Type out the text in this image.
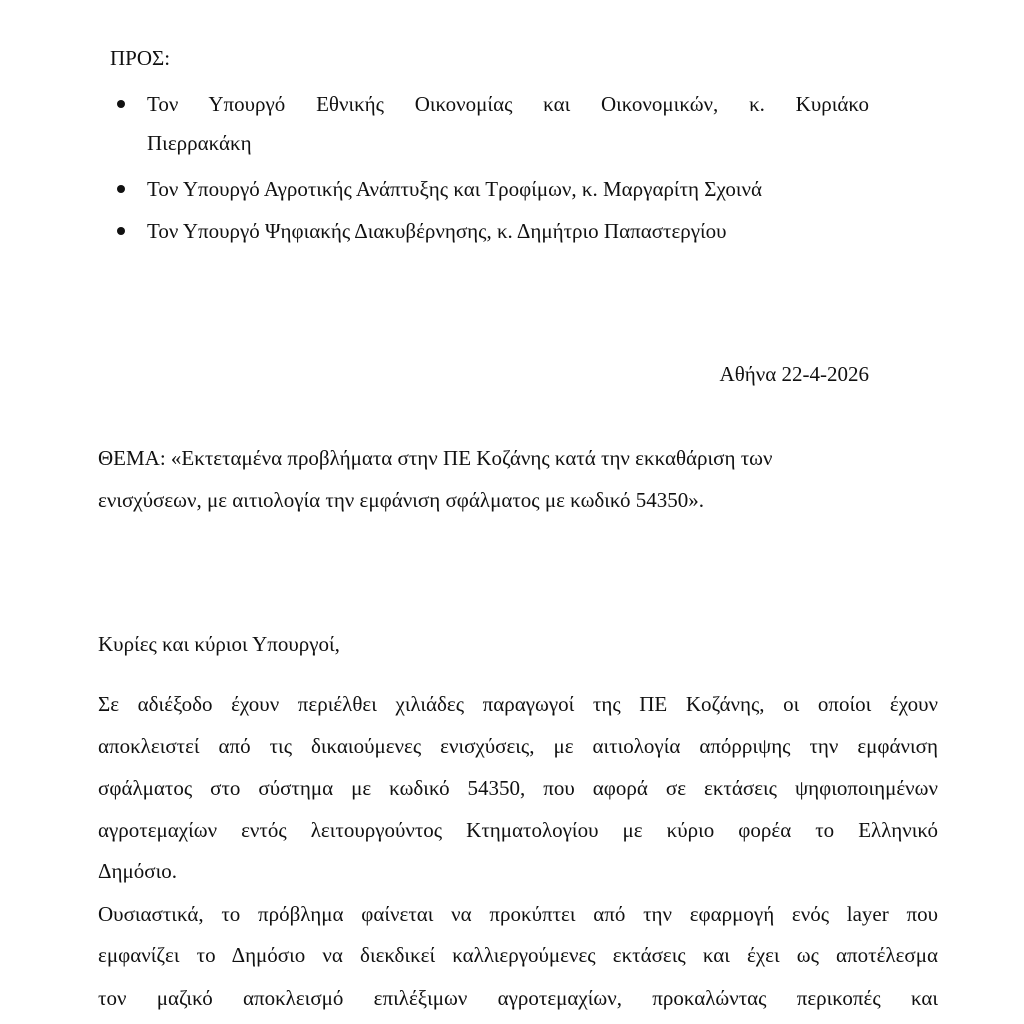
ΠΡΟΣ:
Τον Υπουργό Εθνικής Οικονομίας και Οικονομικών, κ. Κυριάκο
Πιερρακάκη
Τον Υπουργό Αγροτικής Ανάπτυξης και Τροφίμων, κ. Μαργαρίτη Σχοινά
Τον Υπουργό Ψηφιακής Διακυβέρνησης, κ. Δημήτριο Παπαστεργίου
Αθήνα 22-4-2026
ΘΕΜΑ: «Εκτεταμένα προβλήματα στην ΠΕ Κοζάνης κατά την εκκαθάριση των
ενισχύσεων, με αιτιολογία την εμφάνιση σφάλματος με κωδικό 54350».
Κυρίες και κύριοι Υπουργοί,
Σε αδιέξοδο έχουν περιέλθει χιλιάδες παραγωγοί της ΠΕ Κοζάνης, οι οποίοι έχουν
αποκλειστεί από τις δικαιούμενες ενισχύσεις, με αιτιολογία απόρριψης την εμφάνιση
σφάλματος στο σύστημα με κωδικό 54350, που αφορά σε εκτάσεις ψηφιοποιημένων
αγροτεμαχίων εντός λειτουργούντος Κτηματολογίου με κύριο φορέα το Ελληνικό
Δημόσιο.
Ουσιαστικά, το πρόβλημα φαίνεται να προκύπτει από την εφαρμογή ενός layer που
εμφανίζει το Δημόσιο να διεκδικεί καλλιεργούμενες εκτάσεις και έχει ως αποτέλεσμα
τον μαζικό αποκλεισμό επιλέξιμων αγροτεμαχίων, προκαλώντας περικοπές και
